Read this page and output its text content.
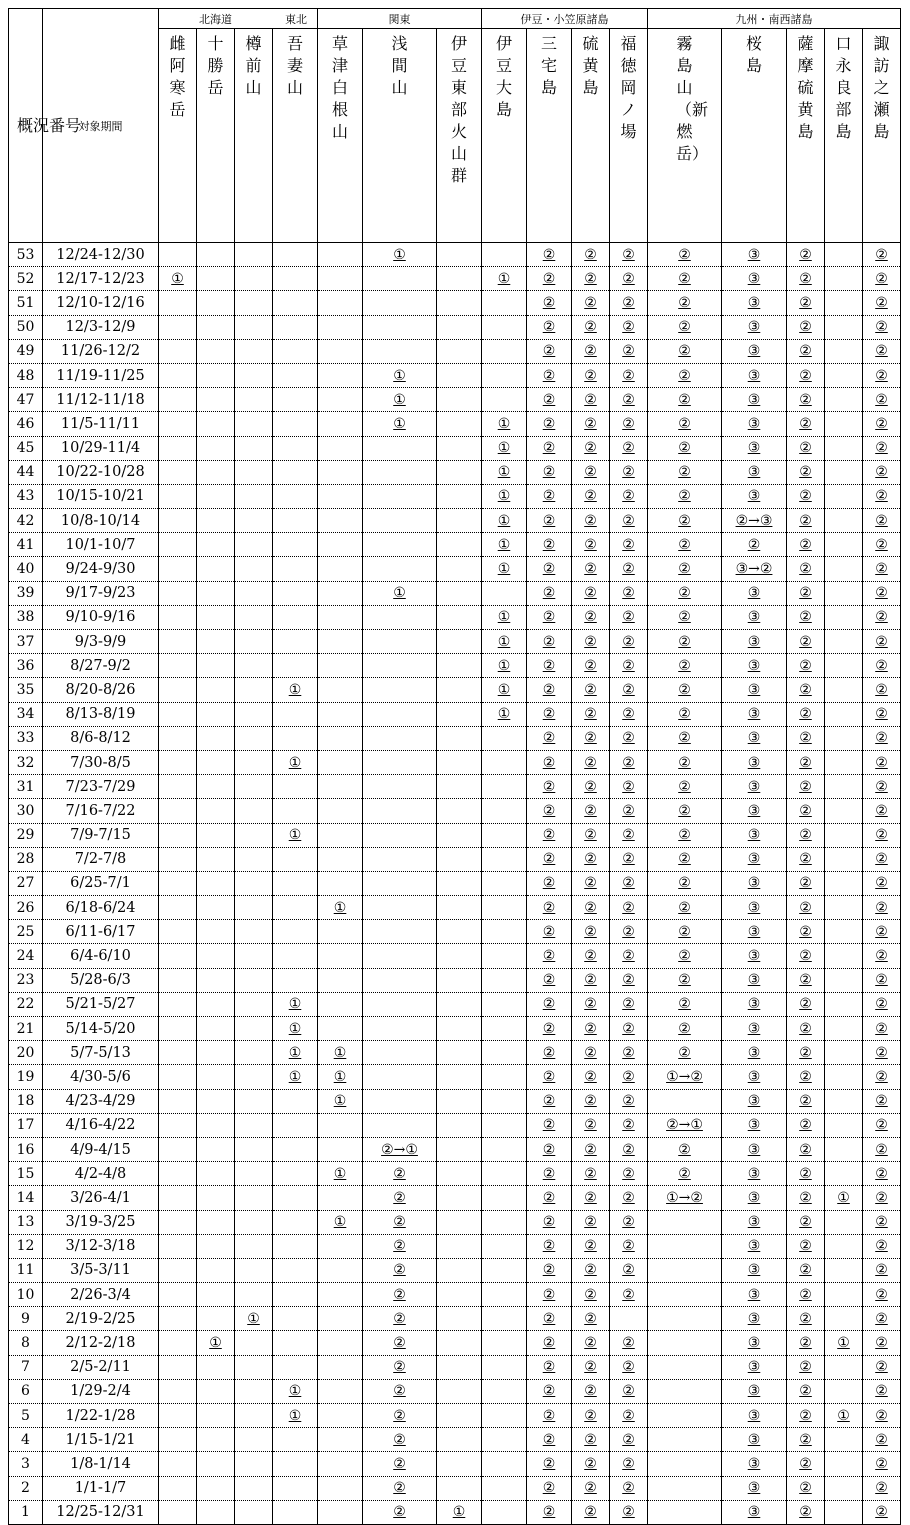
概況番号	対象期間	北海道 東北				関東			伊豆・小笠原諸島				九州・南西諸島				

		雌阿寒岳	十勝岳	樽前山	吾妻山	草津白根山	浅間山	伊豆東部火山群	伊豆大島	三宅島	硫黄島	福徳岡ノ場	霧島山（新燃岳）	桜島	薩摩硫黄島	口永良部島	諏訪之瀬島

53	12/24-12/30						①			②	②	②	②	③	②		②
52	12/17-12/23	①							①	②	②	②	②	③	②		②
51	12/10-12/16									②	②	②	②	③	②		②
50	12/3-12/9									②	②	②	②	③	②		②
49	11/26-12/2									②	②	②	②	③	②		②
48	11/19-11/25						①			②	②	②	②	③	②		②
47	11/12-11/18						①			②	②	②	②	③	②		②
46	11/5-11/11						①		①	②	②	②	②	③	②		②
45	10/29-11/4								①	②	②	②	②	③	②		②
44	10/22-10/28								①	②	②	②	②	③	②		②
43	10/15-10/21								①	②	②	②	②	③	②		②
42	10/8-10/14								①	②	②	②	②	②→③	②		②
41	10/1-10/7								①	②	②	②	②	②	②		②
40	9/24-9/30								①	②	②	②	②	③→②	②		②
39	9/17-9/23						①			②	②	②	②	③	②		②
38	9/10-9/16								①	②	②	②	②	③	②		②
37	9/3-9/9								①	②	②	②	②	③	②		②
36	8/27-9/2								①	②	②	②	②	③	②		②
35	8/20-8/26				①				①	②	②	②	②	③	②		②
34	8/13-8/19								①	②	②	②	②	③	②		②
33	8/6-8/12									②	②	②	②	③	②		②
32	7/30-8/5				①					②	②	②	②	③	②		②
31	7/23-7/29									②	②	②	②	③	②		②
30	7/16-7/22									②	②	②	②	③	②		②
29	7/9-7/15				①					②	②	②	②	③	②		②
28	7/2-7/8									②	②	②	②	③	②		②
27	6/25-7/1									②	②	②	②	③	②		②
26	6/18-6/24					①				②	②	②	②	③	②		②
25	6/11-6/17									②	②	②	②	③	②		②
24	6/4-6/10									②	②	②	②	③	②		②
23	5/28-6/3									②	②	②	②	③	②		②
22	5/21-5/27				①					②	②	②	②	③	②		②
21	5/14-5/20				①					②	②	②	②	③	②		②
20	5/7-5/13				①	①				②	②	②	②	③	②		②
19	4/30-5/6				①	①				②	②	②	①→②	③	②		②
18	4/23-4/29					①				②	②	②		③	②		②
17	4/16-4/22									②	②	②	②→①	③	②		②
16	4/9-4/15						②→①			②	②	②	②	③	②		②
15	4/2-4/8					①	②			②	②	②	②	③	②		②
14	3/26-4/1						②			②	②	②	①→②	③	②	①	②
13	3/19-3/25					①	②			②	②	②		③	②		②
12	3/12-3/18						②			②	②	②		③	②		②
11	3/5-3/11						②			②	②	②		③	②		②
10	2/26-3/4						②			②	②	②		③	②		②
9	2/19-2/25			①			②			②	②			③	②		②
8	2/12-2/18		①				②			②	②	②		③	②	①	②
7	2/5-2/11						②			②	②	②		③	②		②
6	1/29-2/4				①		②			②	②	②		③	②		②
5	1/22-1/28				①		②			②	②	②		③	②	①	②
4	1/15-1/21						②			②	②	②		③	②		②
3	1/8-1/14						②			②	②	②		③	②		②
2	1/1-1/7						②			②	②	②		③	②		②
1	12/25-12/31						②	①		②	②	②		③	②		②
